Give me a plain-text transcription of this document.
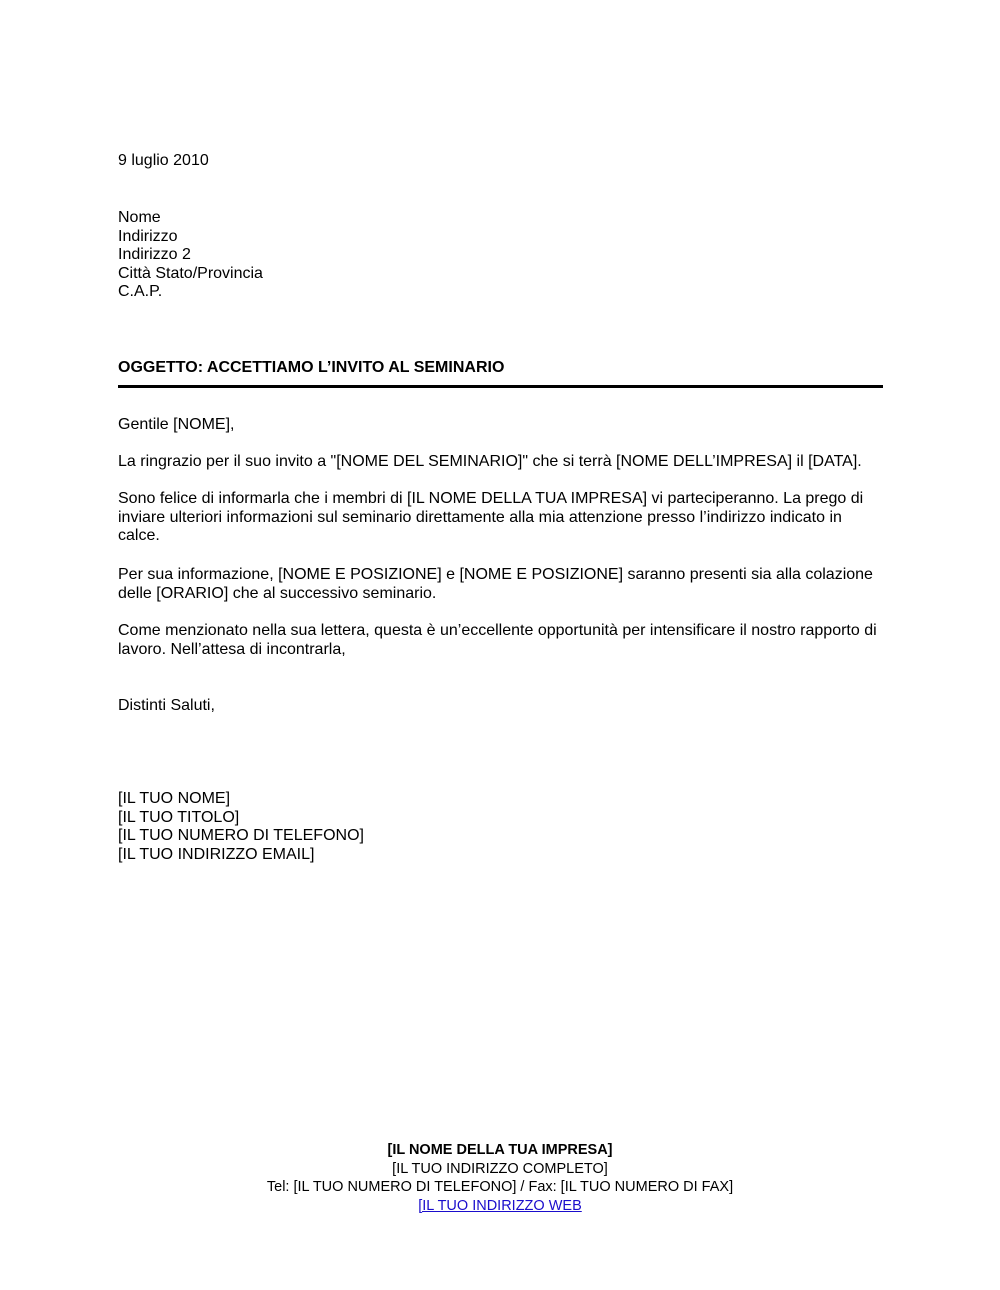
9 luglio 2010
Nome
Indirizzo
Indirizzo 2
Città Stato/Provincia
C.A.P.
OGGETTO: ACCETTIAMO L’INVITO AL SEMINARIO
Gentile [NOME],
La ringrazio per il suo invito a "[NOME DEL SEMINARIO]" che si terrà [NOME DELL’IMPRESA] il [DATA].
Sono felice di informarla che i membri di [IL NOME DELLA TUA IMPRESA] vi parteciperanno. La prego di inviare ulteriori informazioni sul seminario direttamente alla mia attenzione presso l’indirizzo indicato in calce.
Per sua informazione, [NOME E POSIZIONE] e [NOME E POSIZIONE] saranno presenti sia alla colazione delle [ORARIO] che al successivo seminario.
Come menzionato nella sua lettera, questa è un’eccellente opportunità per intensificare il nostro rapporto di lavoro. Nell’attesa di incontrarla,
Distinti Saluti,
[IL TUO NOME]
[IL TUO TITOLO]
[IL TUO NUMERO DI TELEFONO]
[IL TUO INDIRIZZO EMAIL]
[IL NOME DELLA TUA IMPRESA]
[IL TUO INDIRIZZO COMPLETO]
Tel: [IL TUO NUMERO DI TELEFONO] / Fax: [IL TUO NUMERO DI FAX]
[IL TUO INDIRIZZO WEB
